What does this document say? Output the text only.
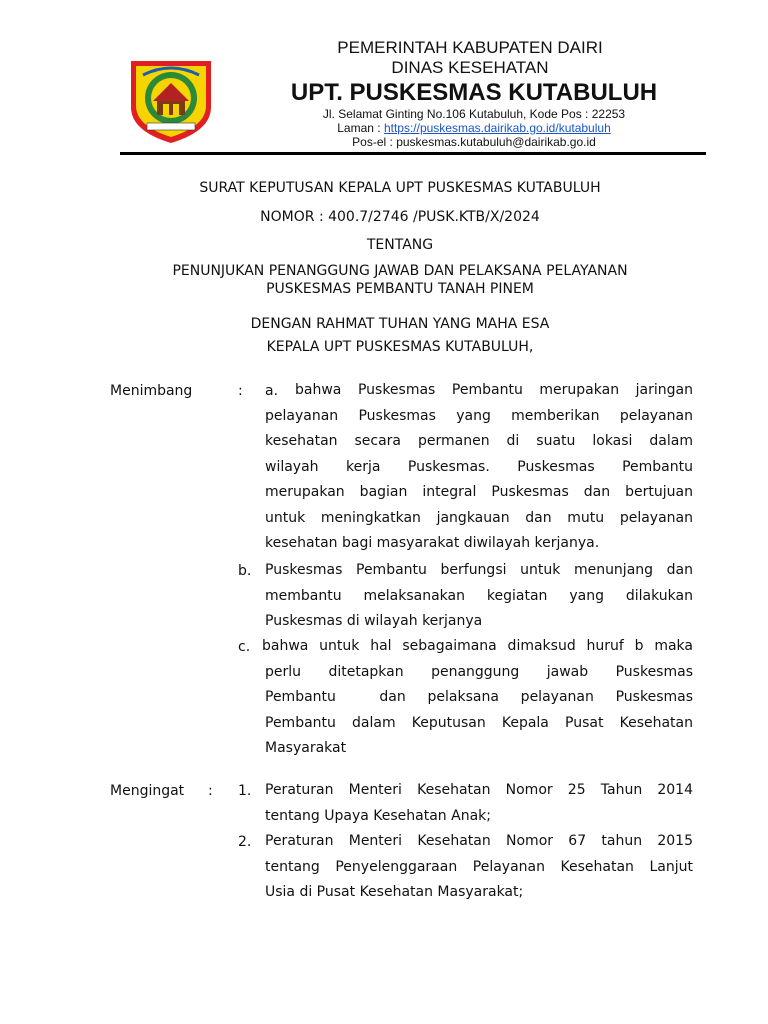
PEMERINTAH KABUPATEN DAIRI
DINAS KESEHATAN
UPT. PUSKESMAS KUTABULUH
Jl. Selamat Ginting No.106 Kutabuluh, Kode Pos : 22253
Laman : https://puskesmas.dairikab.go.id/kutabuluh
Pos-el : puskesmas.kutabuluh@dairikab.go.id
SURAT KEPUTUSAN KEPALA UPT PUSKESMAS KUTABULUH
NOMOR : 400.7/2746 /PUSK.KTB/X/2024
TENTANG
PENUNJUKAN PENANGGUNG JAWAB DAN PELAKSANA PELAYANAN
PUSKESMAS PEMBANTU TANAH PINEM
DENGAN RAHMAT TUHAN YANG MAHA ESA
KEPALA UPT PUSKESMAS KUTABULUH,
Menimbang	: a. bahwa Puskesmas Pembantu merupakan jaringan
pelayanan Puskesmas yang memberikan pelayanan
kesehatan secara permanen di suatu lokasi dalam
wilayah kerja Puskesmas. Puskesmas Pembantu
merupakan bagian integral Puskesmas dan bertujuan
untuk meningkatkan jangkauan dan mutu pelayanan
kesehatan bagi masyarakat diwilayah kerjanya.
b. Puskesmas Pembantu berfungsi untuk menunjang dan
membantu melaksanakan kegiatan yang dilakukan
Puskesmas di wilayah kerjanya
c. bahwa untuk hal sebagaimana dimaksud huruf b maka
perlu ditetapkan penanggung jawab Puskesmas
Pembantu  dan pelaksana pelayanan Puskesmas
Pembantu dalam Keputusan Kepala Pusat Kesehatan
Masyarakat
Mengingat : 1. Peraturan Menteri Kesehatan Nomor 25 Tahun 2014
tentang Upaya Kesehatan Anak;
2. Peraturan Menteri Kesehatan Nomor 67 tahun 2015
tentang Penyelenggaraan Pelayanan Kesehatan Lanjut
Usia di Pusat Kesehatan Masyarakat;
